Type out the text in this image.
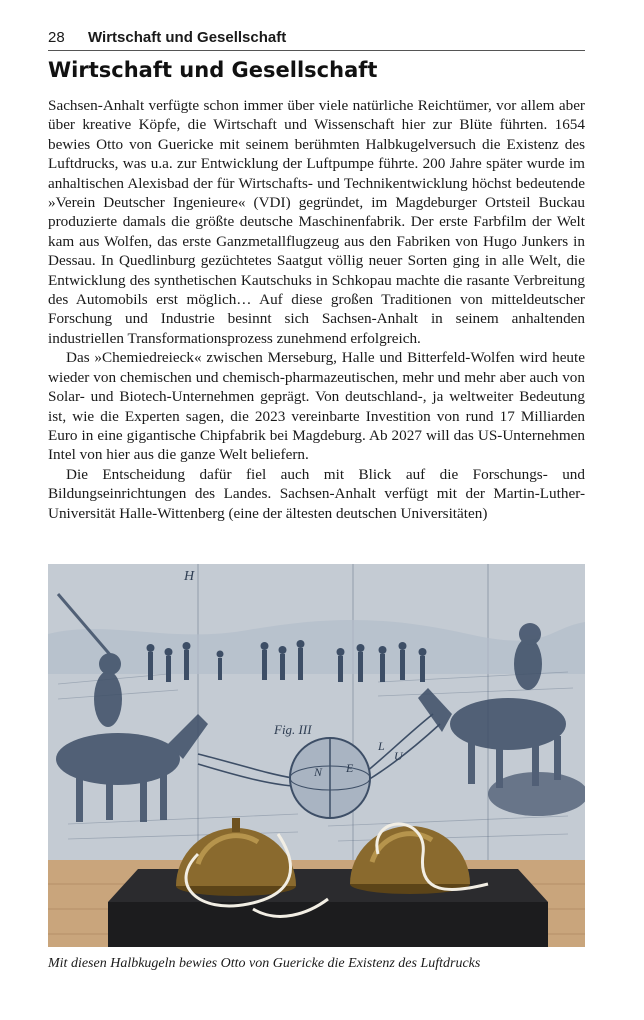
28 Wirtschaft und Gesellschaft
Wirtschaft und Gesellschaft

Sachsen-Anhalt verfügte schon immer über viele natürliche Reichtümer, vor allem aber über kreative Köpfe, die Wirtschaft und Wissenschaft hier zur Blüte führten. 1654 bewies Otto von Guericke mit seinem berühmten Halbkugelversuch die Existenz des Luftdrucks, was u.a. zur Entwicklung der Luftpumpe führte. 200 Jahre später wurde im anhaltischen Alexisbad der für Wirtschafts- und Technikentwicklung höchst bedeutende »Verein Deutscher Ingenieure« (VDI) gegründet, im Magdeburger Ortsteil Buckau produzierte damals die größte deutsche Maschinenfabrik. Der erste Farbfilm der Welt kam aus Wolfen, das erste Ganzmetallflugzeug aus den Fabriken von Hugo Junkers in Dessau. In Quedlinburg gezüchtetes Saatgut völlig neuer Sorten ging in alle Welt, die Entwicklung des synthetischen Kautschuks in Schkopau machte die rasante Verbreitung des Automobils erst möglich… Auf diese großen Traditionen von mitteldeutscher Forschung und Industrie besinnt sich Sachsen-Anhalt in seinem anhaltenden industriellen Transformationsprozess zunehmend erfolgreich.

Das »Chemiedreieck« zwischen Merseburg, Halle und Bitterfeld-Wolfen wird heute wieder von chemischen und chemisch-pharmazeutischen, mehr und mehr aber auch von Solar- und Biotech-Unternehmen geprägt. Von deutschland-, ja weltweiter Bedeutung ist, wie die Experten sagen, die 2023 vereinbarte Investition von rund 17 Milliarden Euro in eine gigantische Chipfabrik bei Magdeburg. Ab 2027 will das US-Unternehmen Intel von hier aus die ganze Welt beliefern.

Die Entscheidung dafür fiel auch mit Blick auf die Forschungs- und Bildungseinrichtungen des Landes. Sachsen-Anhalt verfügt mit der Martin-Luther-Universität Halle-Wittenberg (eine der ältesten deutschen Universitäten)

H
Fig. III
N E
L
U
Mit diesen Halbkugeln bewies Otto von Guericke die Existenz des Luftdrucks
